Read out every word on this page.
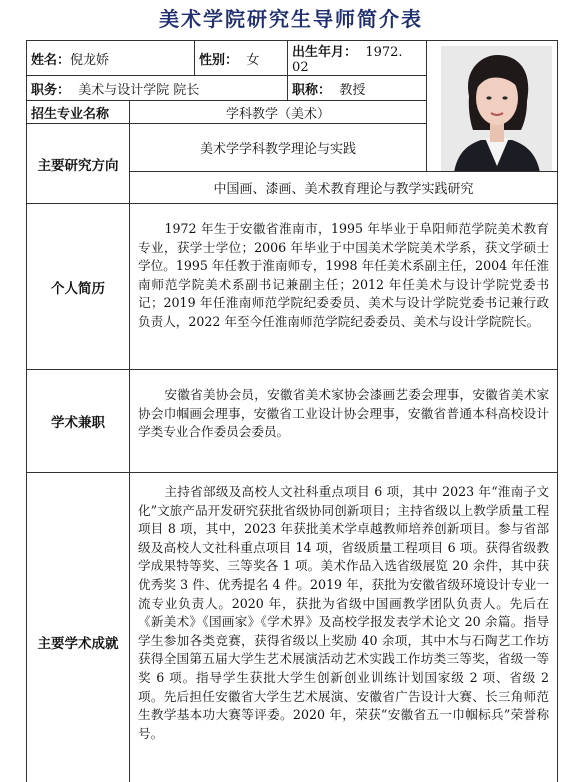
美术学院研究生导师简介表
姓名：倪龙娇		性别： 女	出生年月： 1972. 02	

职务： 美术与设计学院 院长			职称： 教授	
招生专业名称	学科教学（美术）			
主要研究方向	美术学学科教学理论与实践			
	中国画、漆画、美术教育理论与教学实践研究			
个人简历	1972 年生于安徽省淮南市，1995 年毕业于阜阳师范学院美术教育专业，获学士学位；2006 年毕业于中国美术学院美术学系，获文学硕士学位。1995 年任教于淮南师专，1998 年任美术系副主任，2004 年任淮南师范学院美术系副书记兼副主任；2012 年任美术与设计学院党委书记；2019 年任淮南师范学院纪委委员、美术与设计学院党委书记兼行政负责人，2022 年至今任淮南师范学院纪委委员、美术与设计学院院长。			
学术兼职	安徽省美协会员，安徽省美术家协会漆画艺委会理事，安徽省美术家协会巾帼画会理事，安徽省工业设计协会理事，安徽省普通本科高校设计学类专业合作委员会委员。			
主要学术成就	主持省部级及高校人文社科重点项目 6 项，其中 2023 年“淮南子文化”文旅产品开发研究获批省级协同创新项目；主持省级以上教学质量工程项目 8 项，其中，2023 年获批美术学卓越教师培养创新项目。参与省部级及高校人文社科重点项目 14 项，省级质量工程项目 6 项。获得省级教学成果特等奖、三等奖各 1 项。美术作品入选省级展览 20 余件，其中获优秀奖 3 件、优秀提名 4 件。2019 年，获批为安徽省级环境设计专业一流专业负责人。2020 年，获批为省级中国画教学团队负责人。先后在《新美术》《国画家》《学术界》及高校学报发表学术论文 20 余篇。指导学生参加各类竞赛，获得省级以上奖励 40 余项，其中木与石陶艺工作坊获得全国第五届大学生艺术展演活动艺术实践工作坊类三等奖，省级一等奖 6 项。指导学生获批大学生创新创业训练计划国家级 2 项、省级 2 项。先后担任安徽省大学生艺术展演、安徽省广告设计大赛、长三角师范生教学基本功大赛等评委。2020 年，荣获“安徽省五一巾帼标兵”荣誉称号。			
